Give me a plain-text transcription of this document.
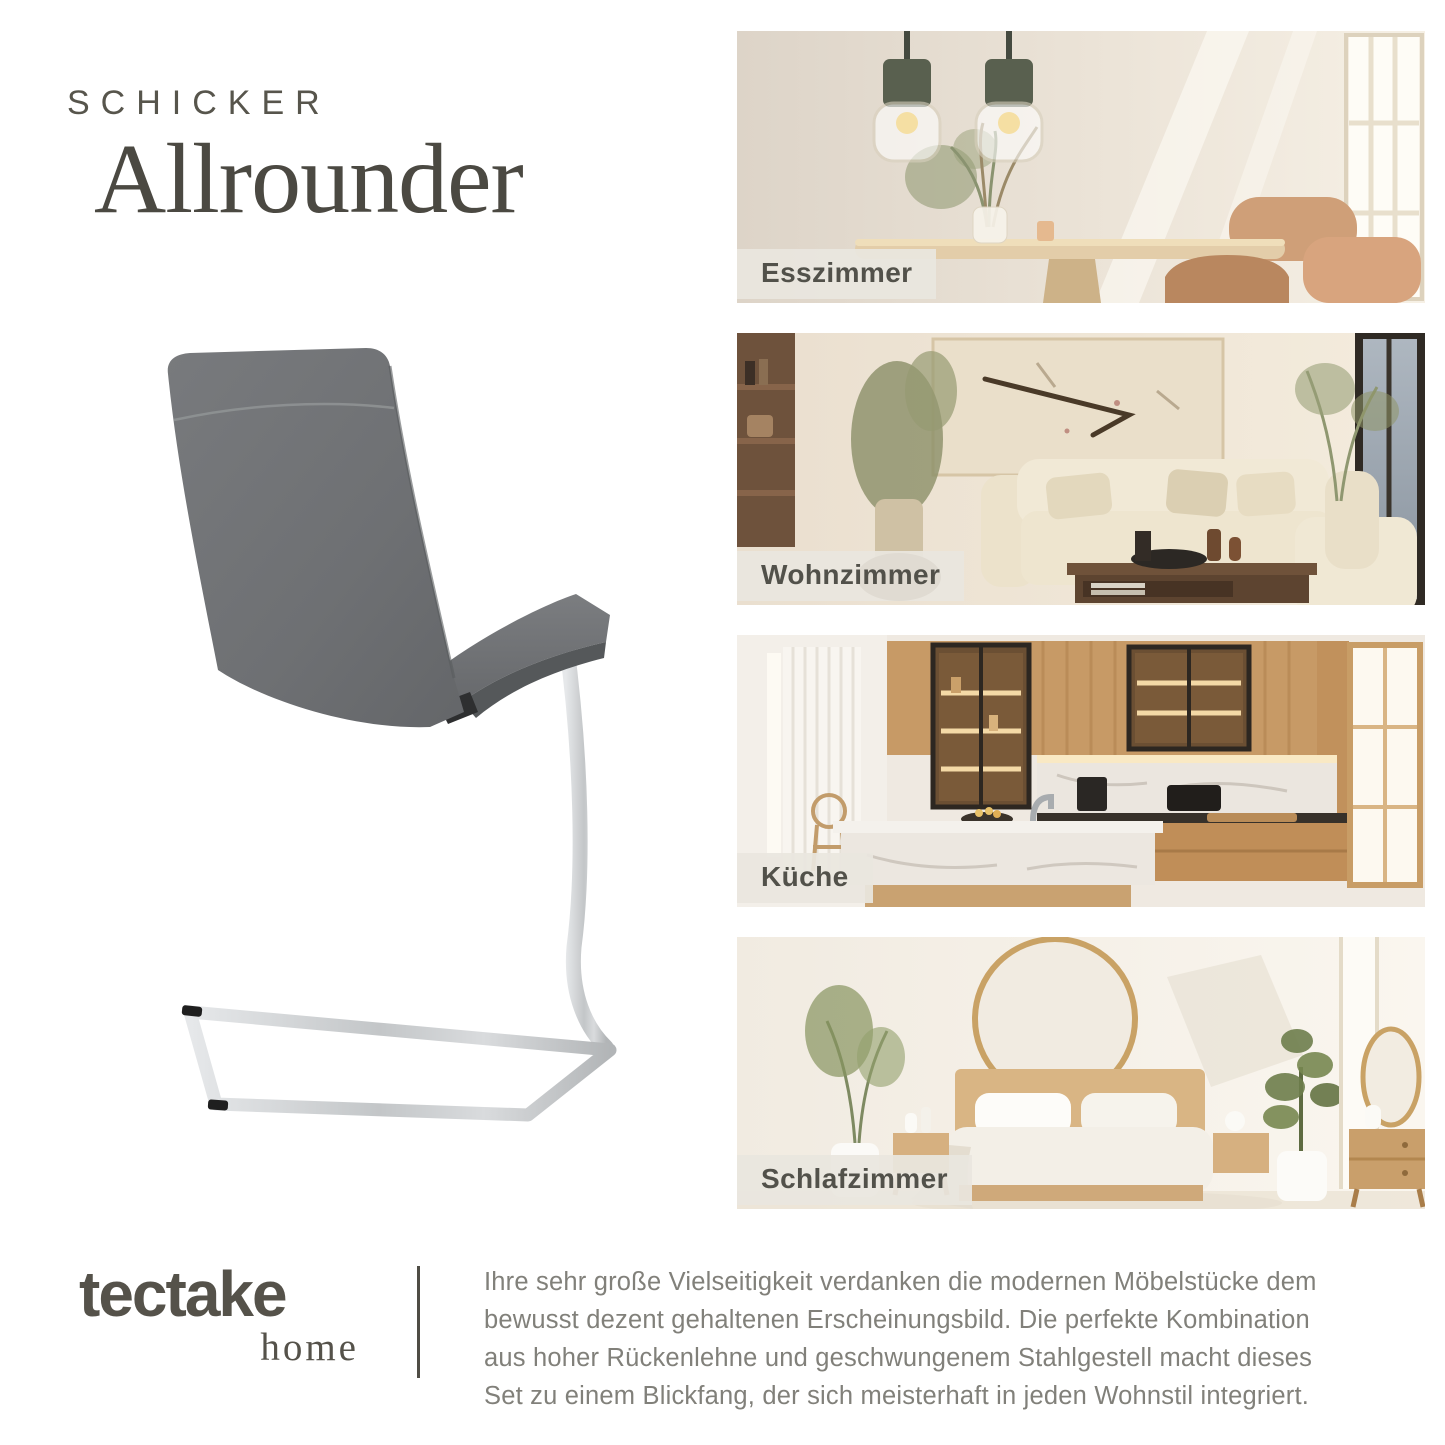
SCHICKER
Allrounder
Esszimmer
Wohnzimmer
Küche
Schlafzimmer
tectake
home
Ihre sehr große Vielseitigkeit verdanken die modernen Möbelstücke dem
bewusst dezent gehaltenen Erscheinungsbild. Die perfekte Kombination
aus hoher Rückenlehne und geschwungenem Stahlgestell macht dieses
Set zu einem Blickfang, der sich meisterhaft in jeden Wohnstil integriert.
